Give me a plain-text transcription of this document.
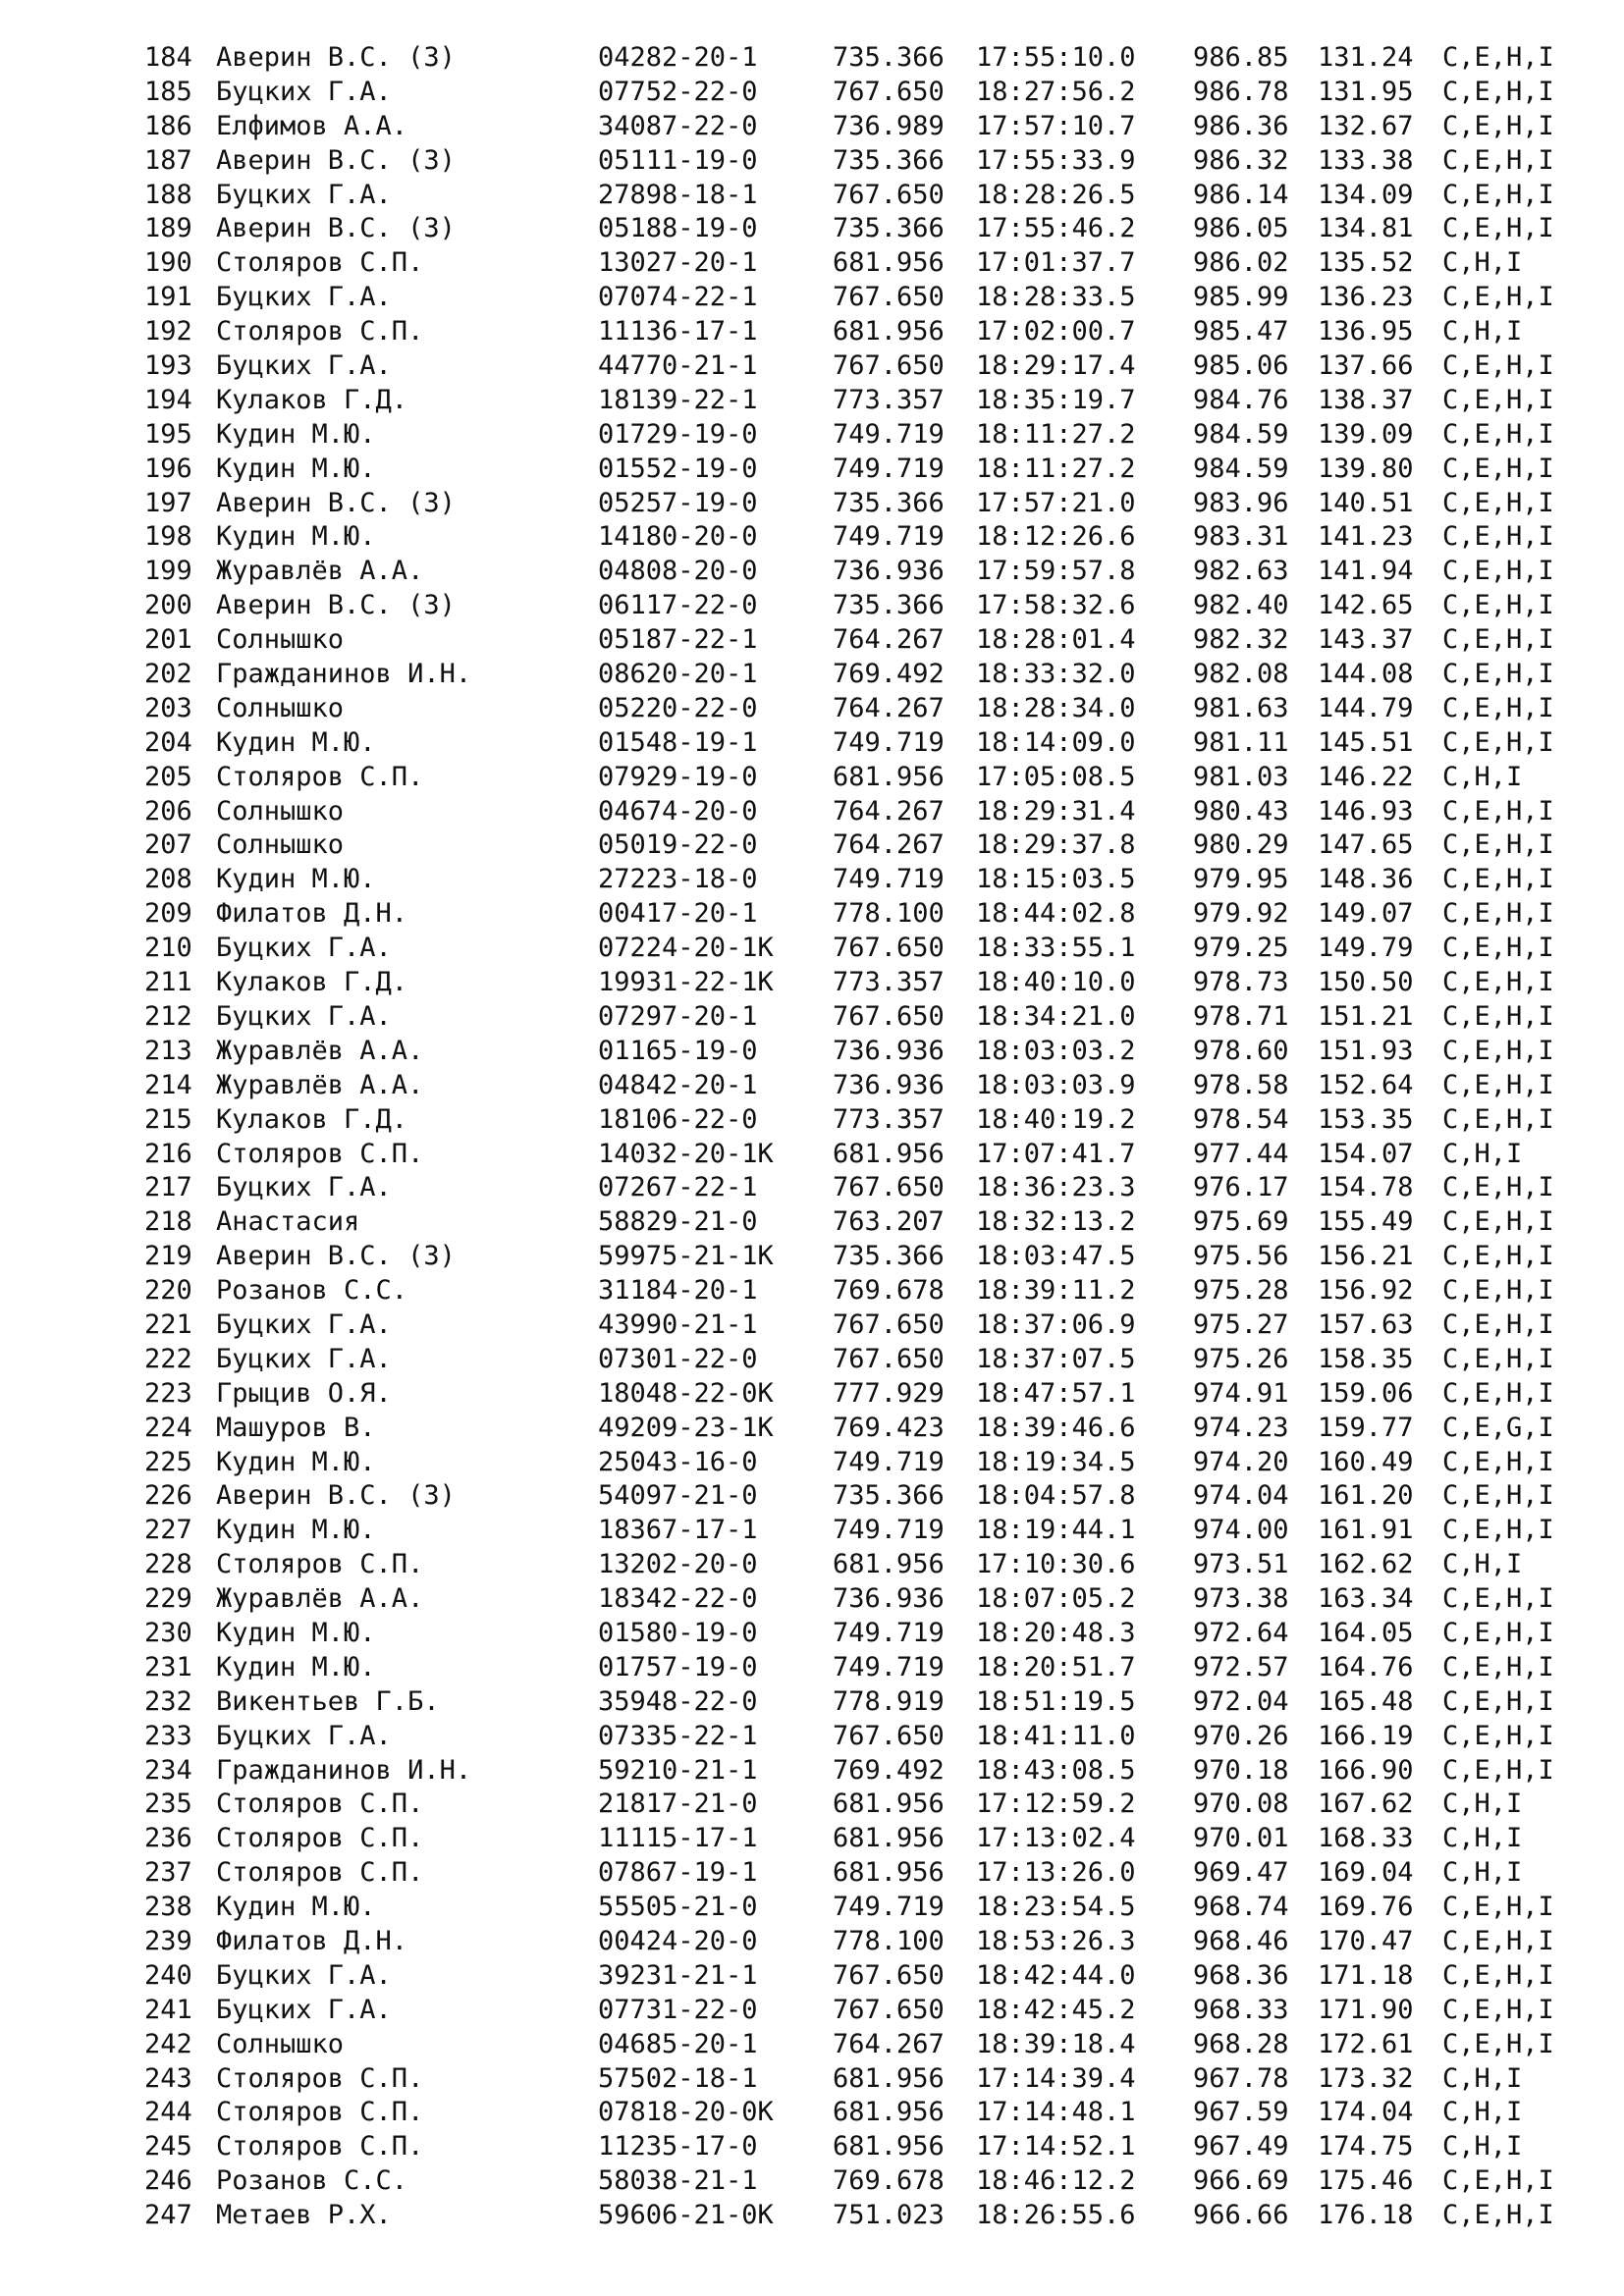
184 Аверин В.С. (З)	04282-20-1	735.366 17:55:10.0 986.85 131.24 C,E,H,I
185 Буцких Г.А.	07752-22-0	767.650 18:27:56.2 986.78 131.95 C,E,H,I
186 Елфимов А.А.	34087-22-0	736.989 17:57:10.7 986.36 132.67 C,E,H,I
187 Аверин В.С. (З)	05111-19-0	735.366 17:55:33.9 986.32 133.38 C,E,H,I
188 Буцких Г.А.	27898-18-1	767.650 18:28:26.5 986.14 134.09 C,E,H,I
189 Аверин В.С. (З)	05188-19-0	735.366 17:55:46.2 986.05 134.81 C,E,H,I
190 Столяров С.П.	13027-20-1	681.956 17:01:37.7 986.02 135.52 C,H,I
191 Буцких Г.А.	07074-22-1	767.650 18:28:33.5 985.99 136.23 C,E,H,I
192 Столяров С.П.	11136-17-1	681.956 17:02:00.7 985.47 136.95 C,H,I
193 Буцких Г.А.	44770-21-1	767.650 18:29:17.4 985.06 137.66 C,E,H,I
194 Кулаков Г.Д.	18139-22-1	773.357 18:35:19.7 984.76 138.37 C,E,H,I
195 Кудин М.Ю.	01729-19-0	749.719 18:11:27.2 984.59 139.09 C,E,H,I
196 Кудин М.Ю.	01552-19-0	749.719 18:11:27.2 984.59 139.80 C,E,H,I
197 Аверин В.С. (З)	05257-19-0	735.366 17:57:21.0 983.96 140.51 C,E,H,I
198 Кудин М.Ю.	14180-20-0	749.719 18:12:26.6 983.31 141.23 C,E,H,I
199 Журавлёв А.А.	04808-20-0	736.936 17:59:57.8 982.63 141.94 C,E,H,I
200 Аверин В.С. (З)	06117-22-0	735.366 17:58:32.6 982.40 142.65 C,E,H,I
201 Солнышко	05187-22-1	764.267 18:28:01.4 982.32 143.37 C,E,H,I
202 Гражданинов И.Н.	08620-20-1	769.492 18:33:32.0 982.08 144.08 C,E,H,I
203 Солнышко	05220-22-0	764.267 18:28:34.0 981.63 144.79 C,E,H,I
204 Кудин М.Ю.	01548-19-1	749.719 18:14:09.0 981.11 145.51 C,E,H,I
205 Столяров С.П.	07929-19-0	681.956 17:05:08.5 981.03 146.22 C,H,I
206 Солнышко	04674-20-0	764.267 18:29:31.4 980.43 146.93 C,E,H,I
207 Солнышко	05019-22-0	764.267 18:29:37.8 980.29 147.65 C,E,H,I
208 Кудин М.Ю.	27223-18-0	749.719 18:15:03.5 979.95 148.36 C,E,H,I
209 Филатов Д.Н.	00417-20-1	778.100 18:44:02.8 979.92 149.07 C,E,H,I
210 Буцких Г.А.	07224-20-1K 767.650 18:33:55.1 979.25 149.79 C,E,H,I
211 Кулаков Г.Д.	19931-22-1K 773.357 18:40:10.0 978.73 150.50 C,E,H,I
212 Буцких Г.А.	07297-20-1	767.650 18:34:21.0 978.71 151.21 C,E,H,I
213 Журавлёв А.А.	01165-19-0	736.936 18:03:03.2 978.60 151.93 C,E,H,I
214 Журавлёв А.А.	04842-20-1	736.936 18:03:03.9 978.58 152.64 C,E,H,I
215 Кулаков Г.Д.	18106-22-0	773.357 18:40:19.2 978.54 153.35 C,E,H,I
216 Столяров С.П.	14032-20-1K 681.956 17:07:41.7 977.44 154.07 C,H,I
217 Буцких Г.А.	07267-22-1	767.650 18:36:23.3 976.17 154.78 C,E,H,I
218 Анастасия	58829-21-0	763.207 18:32:13.2 975.69 155.49 C,E,H,I
219 Аверин В.С. (З)	59975-21-1K 735.366 18:03:47.5 975.56 156.21 C,E,H,I
220 Розанов С.С.	31184-20-1	769.678 18:39:11.2 975.28 156.92 C,E,H,I
221 Буцких Г.А.	43990-21-1	767.650 18:37:06.9 975.27 157.63 C,E,H,I
222 Буцких Г.А.	07301-22-0	767.650 18:37:07.5 975.26 158.35 C,E,H,I
223 Грыцив О.Я.	18048-22-0K 777.929 18:47:57.1 974.91 159.06 C,E,H,I
224 Машуров В.	49209-23-1K 769.423 18:39:46.6 974.23 159.77 C,E,G,I
225 Кудин М.Ю.	25043-16-0	749.719 18:19:34.5 974.20 160.49 C,E,H,I
226 Аверин В.С. (З)	54097-21-0	735.366 18:04:57.8 974.04 161.20 C,E,H,I
227 Кудин М.Ю.	18367-17-1	749.719 18:19:44.1 974.00 161.91 C,E,H,I
228 Столяров С.П.	13202-20-0	681.956 17:10:30.6 973.51 162.62 C,H,I
229 Журавлёв А.А.	18342-22-0	736.936 18:07:05.2 973.38 163.34 C,E,H,I
230 Кудин М.Ю.	01580-19-0	749.719 18:20:48.3 972.64 164.05 C,E,H,I
231 Кудин М.Ю.	01757-19-0	749.719 18:20:51.7 972.57 164.76 C,E,H,I
232 Викентьев Г.Б.	35948-22-0	778.919 18:51:19.5 972.04 165.48 C,E,H,I
233 Буцких Г.А.	07335-22-1	767.650 18:41:11.0 970.26 166.19 C,E,H,I
234 Гражданинов И.Н.	59210-21-1	769.492 18:43:08.5 970.18 166.90 C,E,H,I
235 Столяров С.П.	21817-21-0	681.956 17:12:59.2 970.08 167.62 C,H,I
236 Столяров С.П.	11115-17-1	681.956 17:13:02.4 970.01 168.33 C,H,I
237 Столяров С.П.	07867-19-1	681.956 17:13:26.0 969.47 169.04 C,H,I
238 Кудин М.Ю.	55505-21-0	749.719 18:23:54.5 968.74 169.76 C,E,H,I
239 Филатов Д.Н.	00424-20-0	778.100 18:53:26.3 968.46 170.47 C,E,H,I
240 Буцких Г.А.	39231-21-1	767.650 18:42:44.0 968.36 171.18 C,E,H,I
241 Буцких Г.А.	07731-22-0	767.650 18:42:45.2 968.33 171.90 C,E,H,I
242 Солнышко	04685-20-1	764.267 18:39:18.4 968.28 172.61 C,E,H,I
243 Столяров С.П.	57502-18-1	681.956 17:14:39.4 967.78 173.32 C,H,I
244 Столяров С.П.	07818-20-0K 681.956 17:14:48.1 967.59 174.04 C,H,I
245 Столяров С.П.	11235-17-0	681.956 17:14:52.1 967.49 174.75 C,H,I
246 Розанов С.С.	58038-21-1	769.678 18:46:12.2 966.69 175.46 C,E,H,I
247 Метаев Р.Х.	59606-21-0K 751.023 18:26:55.6 966.66 176.18 C,E,H,I
